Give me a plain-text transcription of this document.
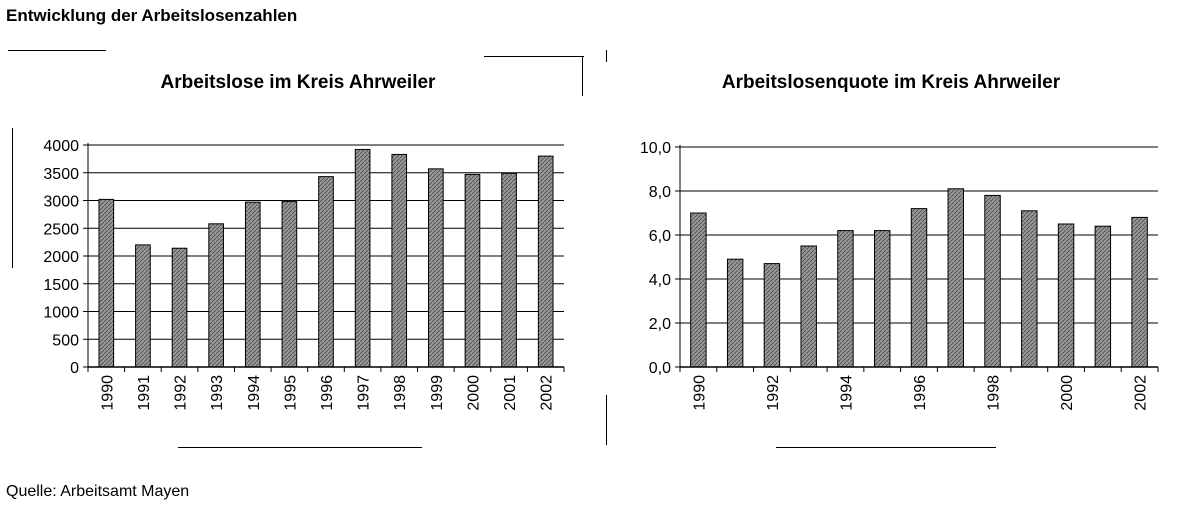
Entwicklung der Arbeitslosenzahlen
Arbeitslose im Kreis Ahrweiler
0
500
1000
1500
2000
2500
3000
3500
4000
1990 1991 1992 1993 1994 1995 1996 1997 1998 1999 2000 2001 2002
Arbeitslosenquote im Kreis Ahrweiler
0,0
2,0
4,0
6,0
8,0
10,0
1990	1992	1994	1996	1998	2000	2002
Quelle: Arbeitsamt Mayen
